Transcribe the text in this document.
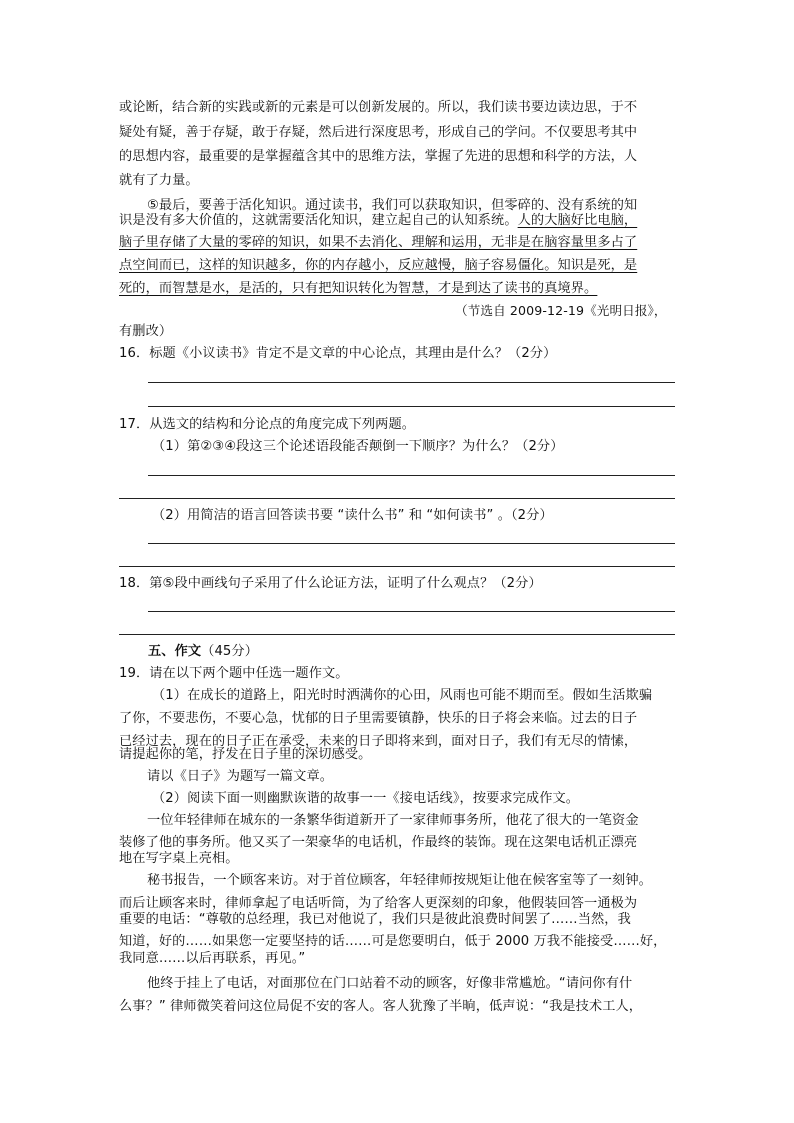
或论断，结合新的实践或新的元素是可以创新发展的。所以，我们读书要边读边思，于不
疑处有疑，善于存疑，敢于存疑，然后进行深度思考，形成自己的学问。不仅要思考其中
的思想内容，最重要的是掌握蕴含其中的思维方法，掌握了先进的思想和科学的方法，人
就有了力量。
⑤最后，要善于活化知识。通过读书，我们可以获取知识，但零碎的、没有系统的知
识是没有多大价值的，这就需要活化知识，建立起自己的认知系统。人的大脑好比电脑，
脑子里存储了大量的零碎的知识，如果不去消化、理解和运用，无非是在脑容量里多占了
点空间而已，这样的知识越多，你的内存越小，反应越慢，脑子容易僵化。知识是死，是
死的，而智慧是水，是活的，只有把知识转化为智慧，才是到达了读书的真境界。
（节选自 2009-12-19《光明日报》，
有删改）
16．标题《小议读书》肯定不是文章的中心论点，其理由是什么？（2分）
17．从选文的结构和分论点的角度完成下列两题。
（1）第②③④段这三个论述语段能否颠倒一下顺序？为什么？（2分）
（2）用简洁的语言回答读书要 “读什么书” 和 “如何读书” 。（2分）
18．第⑤段中画线句子采用了什么论证方法，证明了什么观点？（2分）
五、作文（45分）
19．请在以下两个题中任选一题作文。
（1）在成长的道路上，阳光时时洒满你的心田，风雨也可能不期而至。假如生活欺骗
了你，不要悲伤，不要心急，忧郁的日子里需要镇静，快乐的日子将会来临。过去的日子
已经过去，现在的日子正在承受，未来的日子即将来到，面对日子，我们有无尽的情愫，
请提起你的笔，抒发在日子里的深切感受。
请以《日子》为题写一篇文章。
（2）阅读下面一则幽默诙谐的故事一一《接电话线》，按要求完成作文。
一位年轻律师在城东的一条繁华街道新开了一家律师事务所，他花了很大的一笔资金
装修了他的事务所。他又买了一架豪华的电话机，作最终的装饰。现在这架电话机正漂亮
地在写字桌上亮相。
秘书报告，一个顾客来访。对于首位顾客，年轻律师按规矩让他在候客室等了一刻钟。
而后让顾客来时，律师拿起了电话听筒，为了给客人更深刻的印象，他假装回答一通极为
重要的电话：“尊敬的总经理，我已对他说了，我们只是彼此浪费时间罢了……当然，我
知道，好的……如果您一定要坚持的话……可是您要明白，低于 2000 万我不能接受……好，
我同意……以后再联系，再见。”
他终于挂上了电话，对面那位在门口站着不动的顾客，好像非常尴尬。“请问你有什
么事？” 律师微笑着问这位局促不安的客人。客人犹豫了半晌，低声说：“我是技术工人，
